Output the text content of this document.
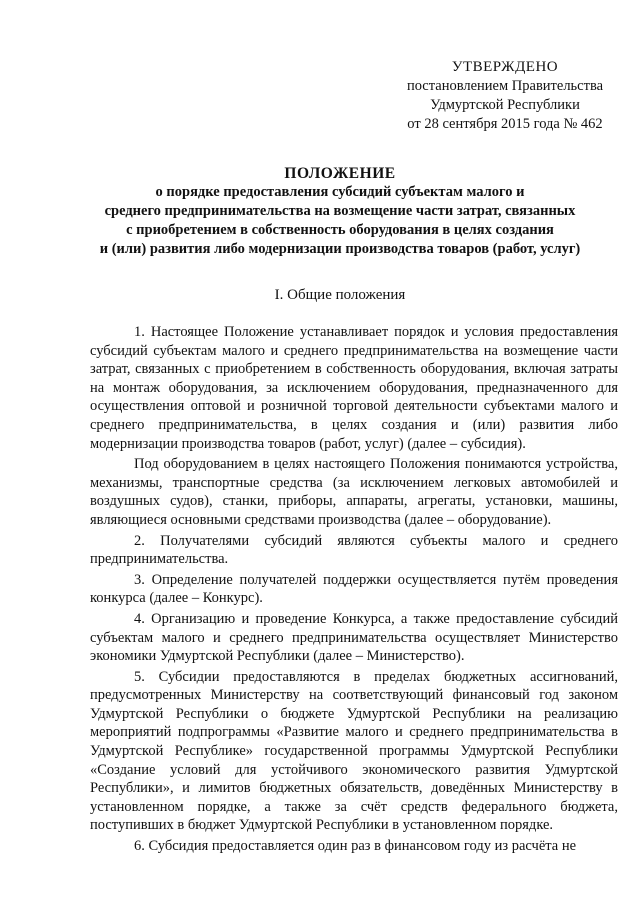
УТВЕРЖДЕНО
постановлением Правительства
Удмуртской Республики
от 28 сентября 2015 года № 462
ПОЛОЖЕНИЕ
о порядке предоставления субсидий субъектам малого и
среднего предпринимательства на возмещение части затрат, связанных
с приобретением в собственность оборудования в целях создания
и (или) развития либо модернизации производства товаров (работ, услуг)
I. Общие положения

1. Настоящее Положение устанавливает порядок и условия предоставления субсидий субъектам малого и среднего предпринимательства на возмещение части затрат, связанных с приобретением в собственность оборудования, включая затраты на монтаж оборудования, за исключением оборудования, предназначенного для осуществления оптовой и розничной торговой деятельности субъектами малого и среднего предпринимательства, в целях создания и (или) развития либо модернизации производства товаров (работ, услуг) (далее – субсидия).

Под оборудованием в целях настоящего Положения понимаются устройства, механизмы, транспортные средства (за исключением легковых автомобилей и воздушных судов), станки, приборы, аппараты, агрегаты, установки, машины, являющиеся основными средствами производства (далее – оборудование).

2. Получателями субсидий являются субъекты малого и среднего предпринимательства.

3. Определение получателей поддержки осуществляется путём проведения конкурса (далее – Конкурс).

4. Организацию и проведение Конкурса, а также предоставление субсидий субъектам малого и среднего предпринимательства осуществляет Министерство экономики Удмуртской Республики (далее – Министерство).

5. Субсидии предоставляются в пределах бюджетных ассигнований, предусмотренных Министерству на соответствующий финансовый год законом Удмуртской Республики о бюджете Удмуртской Республики на реализацию мероприятий подпрограммы «Развитие малого и среднего предпринимательства в Удмуртской Республике» государственной программы Удмуртской Республики «Создание условий для устойчивого экономического развития Удмуртской Республики», и лимитов бюджетных обязательств, доведённых Министерству в установленном порядке, а также за счёт средств федерального бюджета, поступивших в бюджет Удмуртской Республики в установленном порядке.

6. Субсидия предоставляется один раз в финансовом году из расчёта не
